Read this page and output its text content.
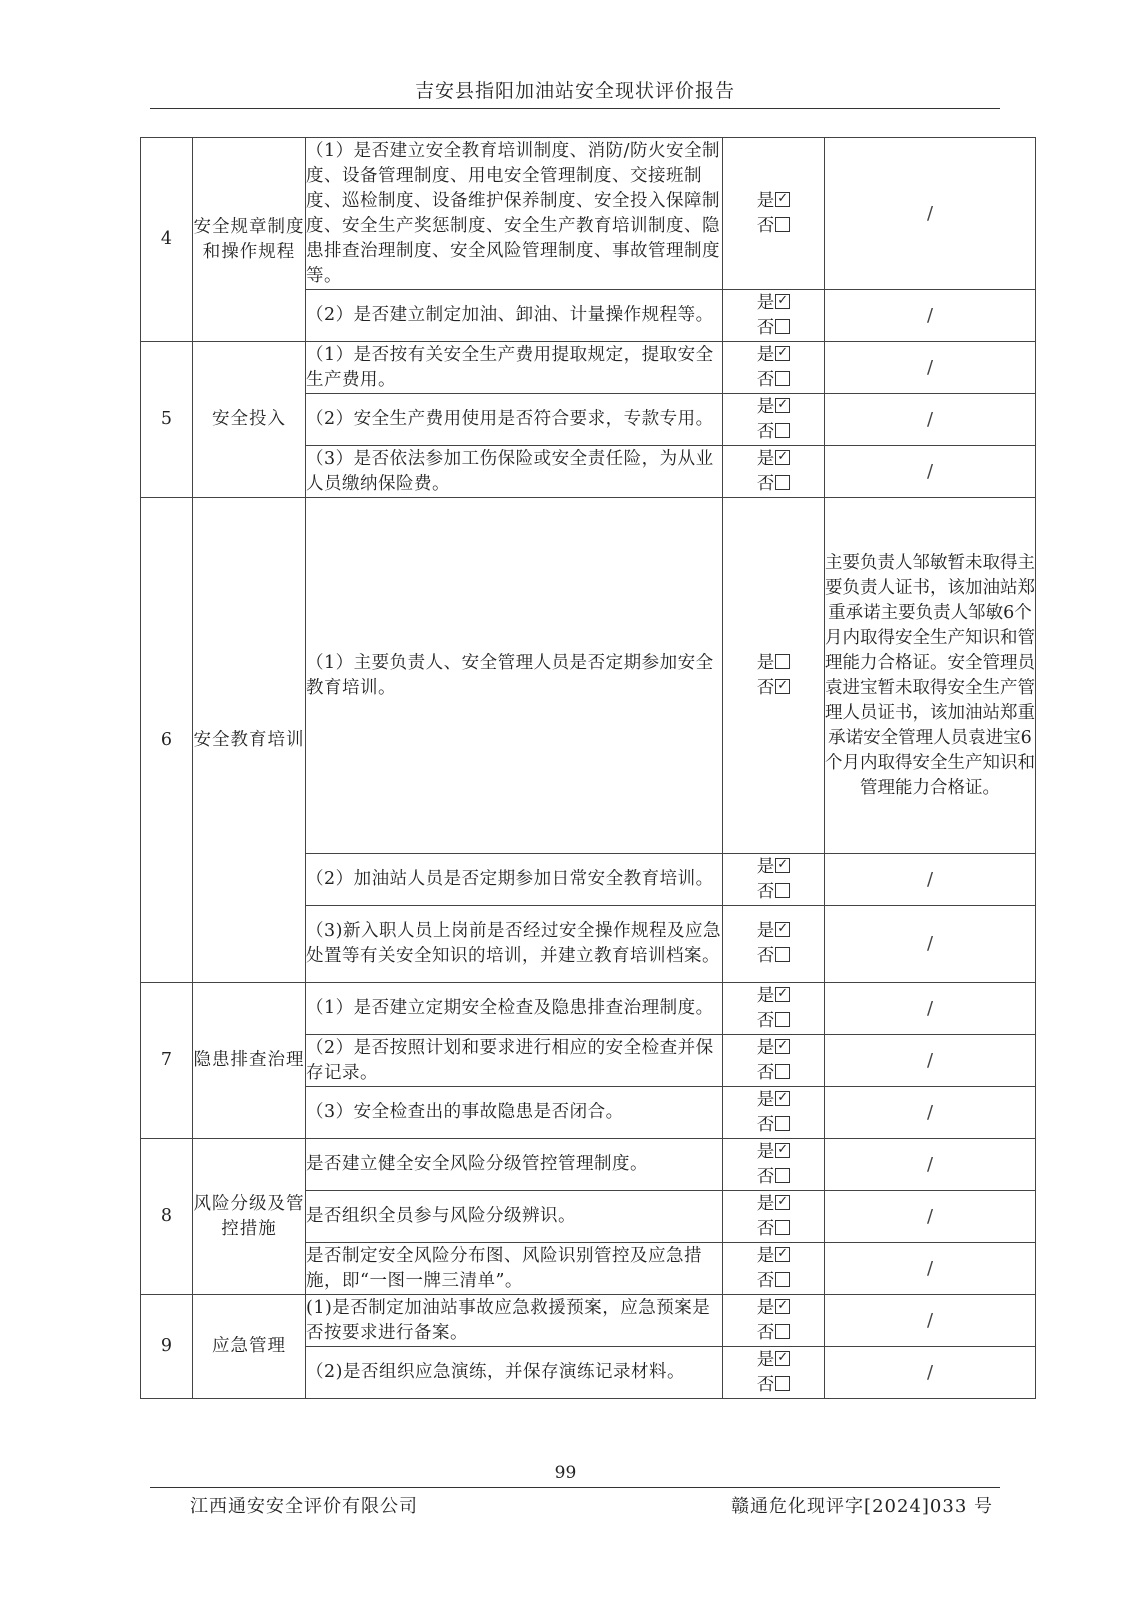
吉安县指阳加油站安全现状评价报告
4	安全规章制度和操作规程	（1）是否建立安全教育培训制度、消防/防火安全制度、设备管理制度、用电安全管理制度、交接班制度、巡检制度、设备维护保养制度、安全投入保障制度、安全生产奖惩制度、安全生产教育培训制度、隐患排查治理制度、安全风险管理制度、事故管理制度等。	是✓
否	/
		（2）是否建立制定加油、卸油、计量操作规程等。	是✓
否	/
5	安全投入	（1）是否按有关安全生产费用提取规定，提取安全生产费用。	是✓
否	/
		（2）安全生产费用使用是否符合要求，专款专用。	是✓
否	/
		（3）是否依法参加工伤保险或安全责任险，为从业人员缴纳保险费。	是✓
否	/
6	安全教育培训	（1）主要负责人、安全管理人员是否定期参加安全教育培训。	是
否✓	主要负责人邹敏暂未取得主要负责人证书，该加油站郑重承诺主要负责人邹敏6个月内取得安全生产知识和管理能力合格证。安全管理员袁进宝暂未取得安全生产管理人员证书，该加油站郑重承诺安全管理人员袁进宝6个月内取得安全生产知识和管理能力合格证。
		（2）加油站人员是否定期参加日常安全教育培训。	是✓
否	/
		（3)新入职人员上岗前是否经过安全操作规程及应急处置等有关安全知识的培训，并建立教育培训档案。	是✓
否	/
7	隐患排查治理	（1）是否建立定期安全检查及隐患排查治理制度。	是✓
否	/
		（2）是否按照计划和要求进行相应的安全检查并保存记录。	是✓
否	/
		（3）安全检查出的事故隐患是否闭合。	是✓
否	/
8	风险分级及管控措施	是否建立健全安全风险分级管控管理制度。	是✓
否	/
		是否组织全员参与风险分级辨识。	是✓
否	/
		是否制定安全风险分布图、风险识别管控及应急措施，即“一图一牌三清单”。	是✓
否	/
9	应急管理	(1)是否制定加油站事故应急救援预案，应急预案是否按要求进行备案。	是✓
否	/
		（2)是否组织应急演练，并保存演练记录材料。	是✓
否	/
99
江西通安安全评价有限公司	赣通危化现评字[2024]033 号
